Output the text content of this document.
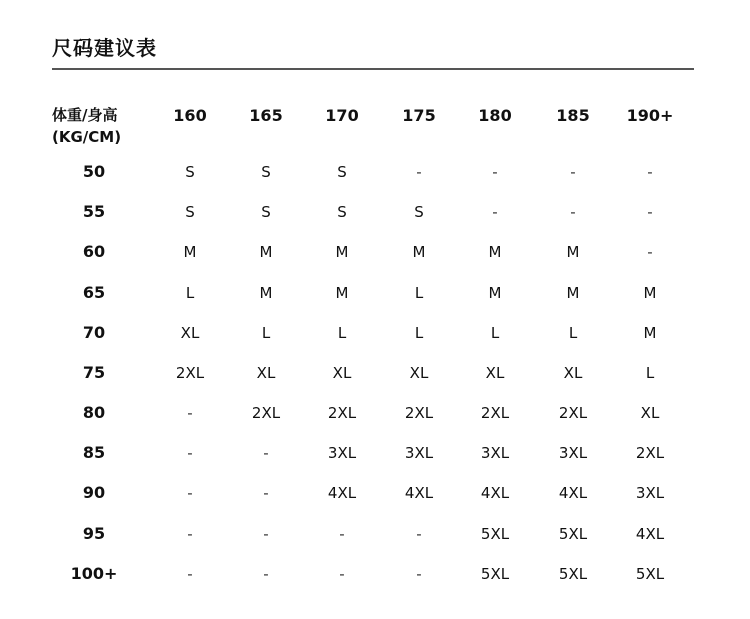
尺码建议表
体重/身高
(KG/CM)
160	165	170	175	180	185	190+
50	S	S	S	-	-	-	-
55	S	S	S	S	-	-	-
60	M	M	M	M	M	M	-
65	L	M	M	L	M	M	M
70	XL	L	L	L	L	L	M
75	2XL	XL	XL	XL	XL	XL	L
80	-	2XL	2XL	2XL	2XL	2XL	XL
85	-	-	3XL	3XL	3XL	3XL	2XL
90	-	-	4XL	4XL	4XL	4XL	3XL
95	-	-	-	-	5XL	5XL	4XL
100+	-	-	-	-	5XL	5XL	5XL
